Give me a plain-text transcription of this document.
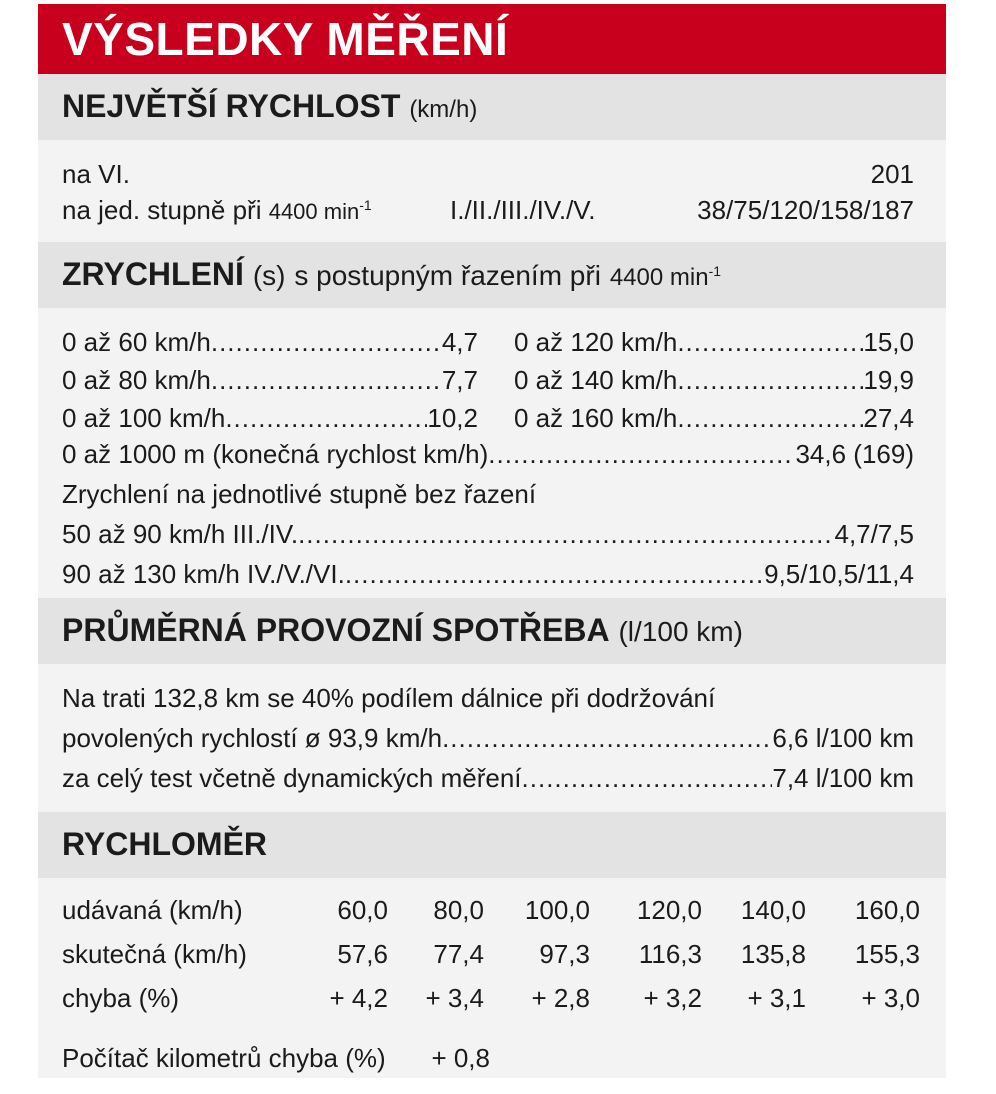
VÝSLEDKY MĚŘENÍ
NEJVĚTŠÍ RYCHLOST (km/h)
na VI.	201
na jed. stupně při 4400 $\min^{-1}$	I./II./III./IV./V.	38/75/120/158/187
ZRYCHLENÍ (s) s postupným řazením při 4400 $\min^{-1}$
0 až 1000 m (konečná rychlost km/h) .....	34,6 (169)
Zrychlení na jednotlivé stupně bez řazení
50 až 90 km/h III./IV. .....	4,7/7,5
90 až 130 km/h IV./V./VI. .....	9,5/10,5/11,4
0 až 60 km/h .....	4,7
0 až 80 km/h .....	7,7
0 až 100 km/h .....	10,2
0 až 120 km/h .....	15,0
0 až 140 km/h .....	19,9
0 až 160 km/h .....	27,4
PRŮMĚRNÁ PROVOZNÍ SPOTŘEBA (l/100 km)
Na trati 132,8 km se 40% podílem dálnice při dodržování
povolených rychlostí ø 93,9 km/h .....	6,6 l/100 km
za celý test včetně dynamických měření .....	7,4 l/100 km
RYCHLOMĚR
Počítač kilometrů chyba (%)	+ 0,8
udávaná (km/h)	60,0	80,0	100,0	120,0	140,0	160,0
skutečná (km/h)	57,6	77,4	97,3	116,3	135,8	155,3
chyba (%)	+ 4,2	+ 3,4	+ 2,8	+ 3,2	+ 3,1	+ 3,0
